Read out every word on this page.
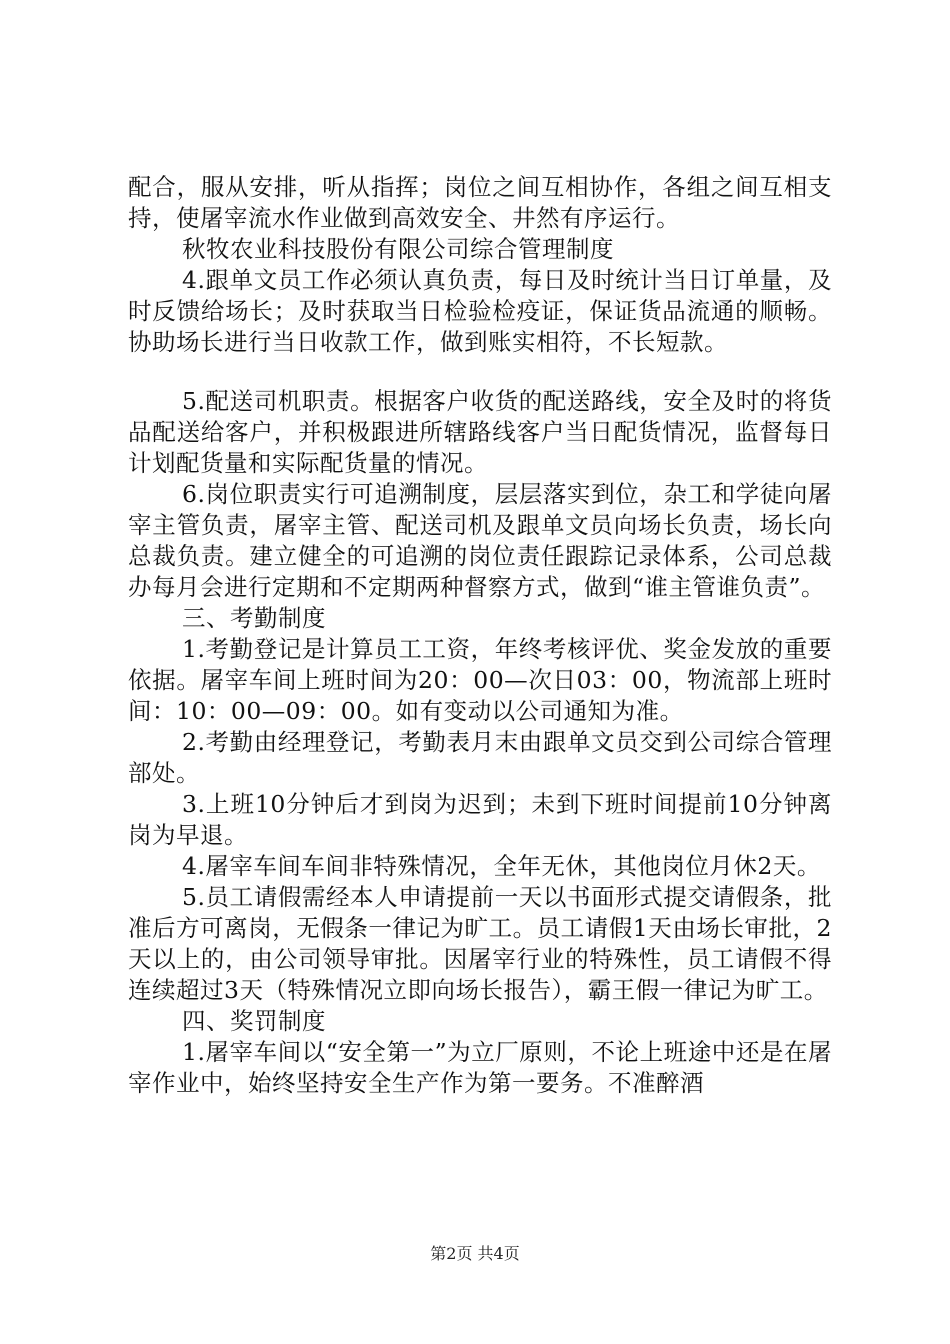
配合，服从安排，听从指挥；岗位之间互相协作，各组之间互相支持，使屠宰流水作业做到高效安全、井然有序运行。

秋牧农业科技股份有限公司综合管理制度

4.跟单文员工作必须认真负责，每日及时统计当日订单量，及时反馈给场长；及时获取当日检验检疫证，保证货品流通的顺畅。协助场长进行当日收款工作，做到账实相符，不长短款。

5.配送司机职责。根据客户收货的配送路线，安全及时的将货品配送给客户，并积极跟进所辖路线客户当日配货情况，监督每日计划配货量和实际配货量的情况。

6.岗位职责实行可追溯制度，层层落实到位，杂工和学徒向屠宰主管负责，屠宰主管、配送司机及跟单文员向场长负责，场长向总裁负责。建立健全的可追溯的岗位责任跟踪记录体系，公司总裁办每月会进行定期和不定期两种督察方式，做到“谁主管谁负责”。

三、考勤制度

1.考勤登记是计算员工工资，年终考核评优、奖金发放的重要依据。屠宰车间上班时间为20：00—次日03：00，物流部上班时间：10：00—09：00。如有变动以公司通知为准。

2.考勤由经理登记，考勤表月末由跟单文员交到公司综合管理部处。

3.上班10分钟后才到岗为迟到；未到下班时间提前10分钟离岗为早退。

4.屠宰车间车间非特殊情况，全年无休，其他岗位月休2天。

5.员工请假需经本人申请提前一天以书面形式提交请假条，批准后方可离岗，无假条一律记为旷工。员工请假1天由场长审批，2天以上的，由公司领导审批。因屠宰行业的特殊性，员工请假不得连续超过3天（特殊情况立即向场长报告），霸王假一律记为旷工。

四、奖罚制度

1.屠宰车间以“安全第一”为立厂原则，不论上班途中还是在屠宰作业中，始终坚持安全生产作为第一要务。不准醉酒

第2页 共4页
